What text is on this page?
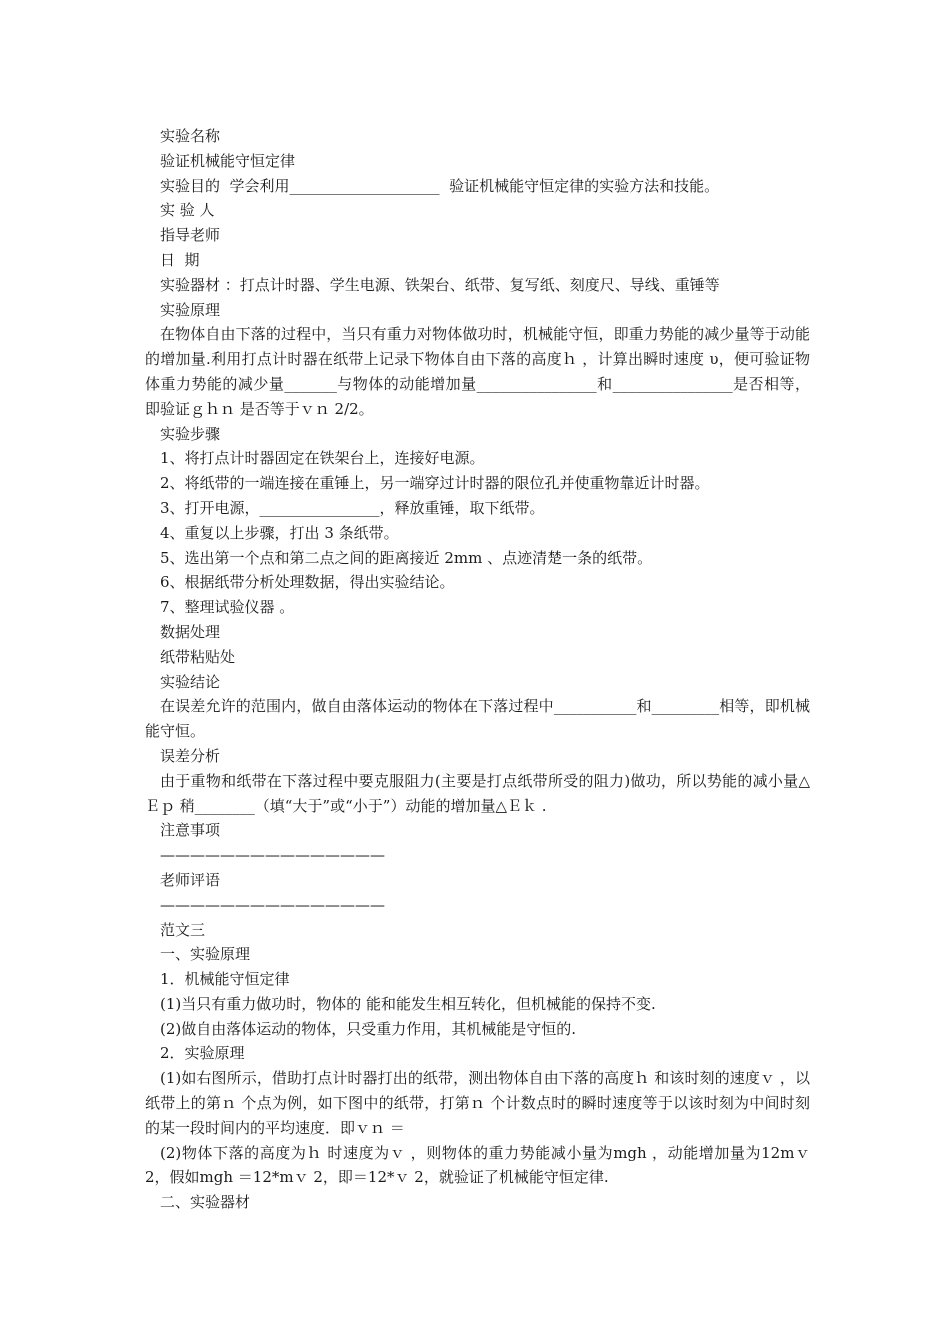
实验名称

验证机械能守恒定律

实验目的  学会利用____________________  验证机械能守恒定律的实验方法和技能。

实 验 人

指导老师

日  期

实验器材 ：打点计时器、学生电源、铁架台、纸带、复写纸、刻度尺、导线、重锤等

实验原理

在物体自由下落的过程中，当只有重力对物体做功时，机械能守恒，即重力势能的减少量等于动能的增加量.利用打点计时器在纸带上记录下物体自由下落的高度ｈ ，计算出瞬时速度 υ，便可验证物体重力势能的减少量_______与物体的动能增加量________________和________________是否相等，即验证ｇｈｎ 是否等于ｖｎ 2/2。

实验步骤

1、将打点计时器固定在铁架台上，连接好电源。

2、将纸带的一端连接在重锤上，另一端穿过计时器的限位孔并使重物靠近计时器。

3、打开电源，________________，释放重锤，取下纸带。

4、重复以上步骤，打出 3 条纸带。

5、选出第一个点和第二点之间的距离接近 2mm 、点迹清楚一条的纸带。

6、根据纸带分析处理数据，得出实验结论。

7、整理试验仪器 。

数据处理

纸带粘贴处

实验结论

在误差允许的范围内，做自由落体运动的物体在下落过程中___________和_________相等，即机械能守恒。

误差分析

由于重物和纸带在下落过程中要克服阻力(主要是打点纸带所受的阻力)做功，所以势能的减小量△Ｅｐ 稍________（填“大于”或“小于”）动能的增加量△Ｅｋ .

注意事项

———————————————

老师评语

———————————————

范文三

一、实验原理

1．机械能守恒定律

(1)当只有重力做功时，物体的 能和能发生相互转化，但机械能的保持不变.

(2)做自由落体运动的物体，只受重力作用，其机械能是守恒的.

2．实验原理

(1)如右图所示，借助打点计时器打出的纸带，测出物体自由下落的高度ｈ 和该时刻的速度ｖ ，以纸带上的第ｎ 个点为例，如下图中的纸带，打第ｎ 个计数点时的瞬时速度等于以该时刻为中间时刻的某一段时间内的平均速度．即ｖｎ ＝

(2)物体下落的高度为ｈ 时速度为ｖ ，则物体的重力势能减小量为mgh ，动能增加量为12mｖ 2，假如mgh ＝12*mｖ 2，即＝12*ｖ 2，就验证了机械能守恒定律.

二、实验器材
